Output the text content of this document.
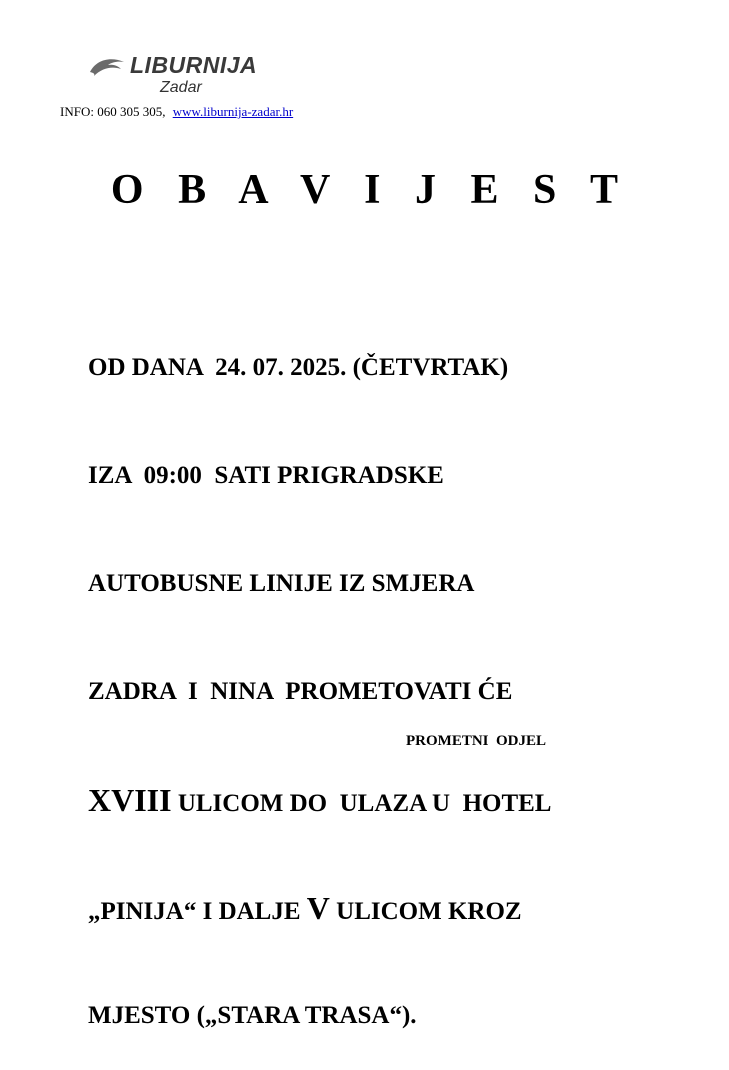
LIBURNIJA
Zadar
INFO: 060 305 305, www.liburnija-zadar.hr
O B A V I J E S T

OD DANA  24. 07. 2025. (ČETVRTAK)

IZA  09:00  SATI PRIGRADSKE

AUTOBUSNE LINIJE IZ SMJERA

ZADRA  I  NINA  PROMETOVATI ĆE

XVIII ULICOM DO  ULAZA U  HOTEL

„PINIJA“ I DALJE V ULICOM KROZ

MJESTO („STARA TRASA“).

PROMETNI  ODJEL
